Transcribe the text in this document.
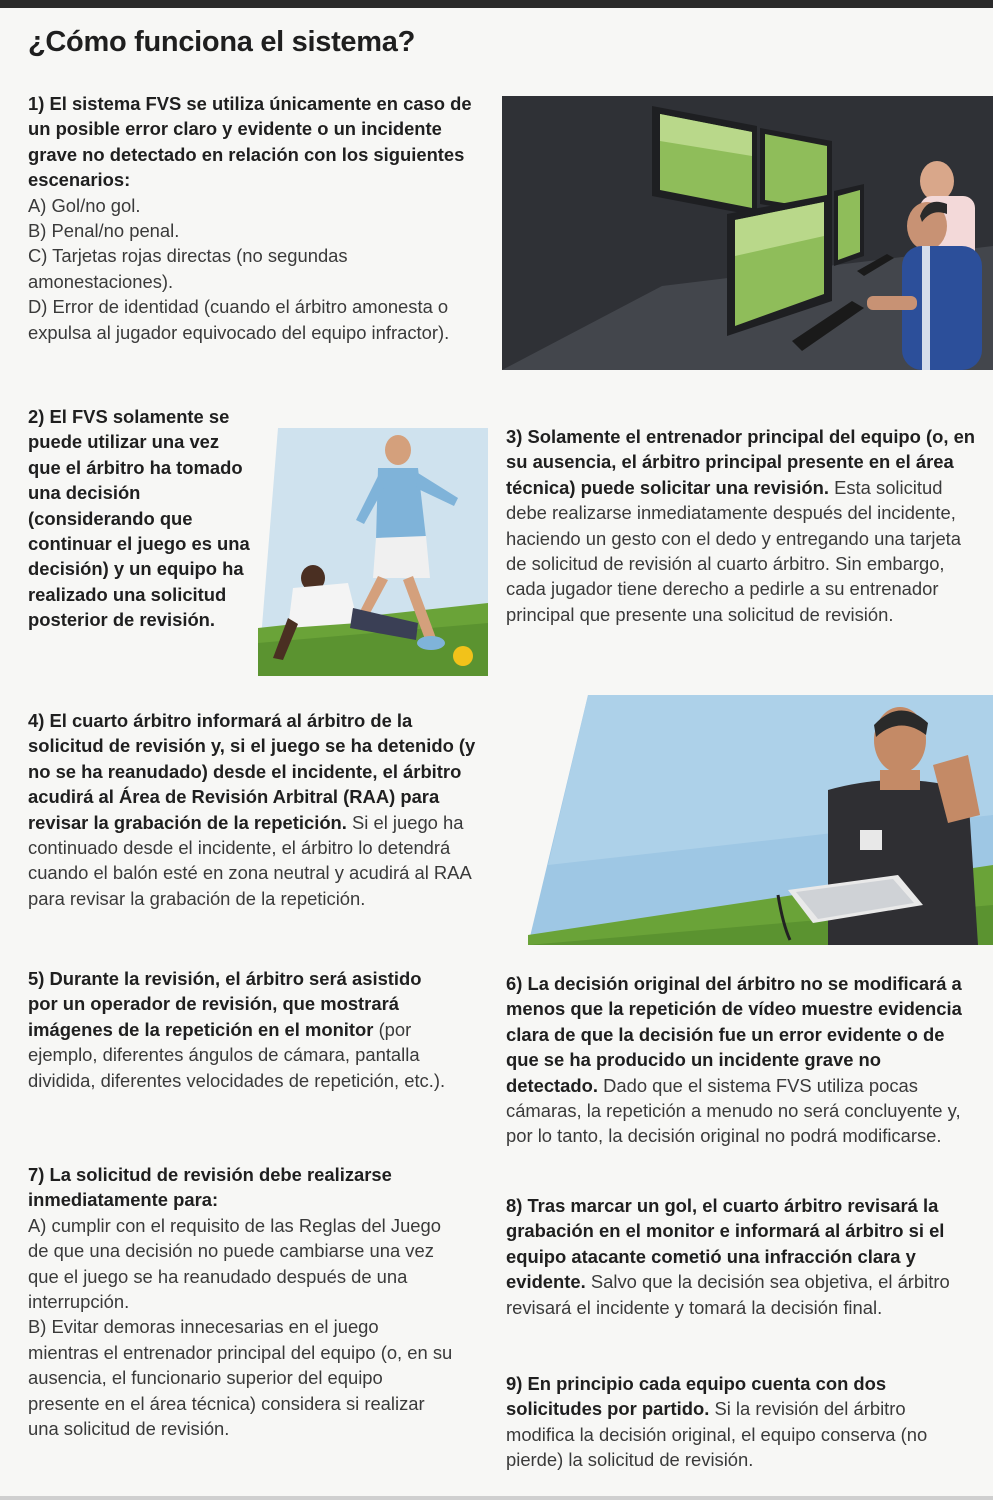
¿Cómo funciona el sistema?

1) El sistema FVS se utiliza únicamente en caso de un posible error claro y evidente o un incidente grave no detectado en relación con los siguientes escenarios:

A) Gol/no gol.

B) Penal/no penal.

C) Tarjetas rojas directas (no segundas amonestaciones).

D) Error de identidad (cuando el árbitro amonesta o expulsa al jugador equivocado del equipo infractor).

2) El FVS solamente se puede utilizar una vez que el árbitro ha tomado una decisión (considerando que continuar el juego es una decisión) y un equipo ha realizado una solicitud posterior de revisión.

3) Solamente el entrenador principal del equipo (o, en su ausencia, el árbitro principal presente en el área técnica) puede solicitar una revisión. Esta solicitud debe realizarse inmediatamente después del incidente, haciendo un gesto con el dedo y entregando una tarjeta de solicitud de revisión al cuarto árbitro. Sin embargo, cada jugador tiene derecho a pedirle a su entrenador principal que presente una solicitud de revisión.

4) El cuarto árbitro informará al árbitro de la solicitud de revisión y, si el juego se ha detenido (y no se ha reanudado) desde el incidente, el árbitro acudirá al Área de Revisión Arbitral (RAA) para revisar la grabación de la repetición. Si el juego ha continuado desde el incidente, el árbitro lo detendrá cuando el balón esté en zona neutral y acudirá al RAA para revisar la grabación de la repetición.

5) Durante la revisión, el árbitro será asistido por un operador de revisión, que mostrará imágenes de la repetición en el monitor (por ejemplo, diferentes ángulos de cámara, pantalla dividida, diferentes velocidades de repetición, etc.).

6) La decisión original del árbitro no se modificará a menos que la repetición de vídeo muestre evidencia clara de que la decisión fue un error evidente o de que se ha producido un incidente grave no detectado. Dado que el sistema FVS utiliza pocas cámaras, la repetición a menudo no será concluyente y, por lo tanto, la decisión original no podrá modificarse.

7) La solicitud de revisión debe realizarse inmediatamente para:

A) cumplir con el requisito de las Reglas del Juego de que una decisión no puede cambiarse una vez que el juego se ha reanudado después de una interrupción.

B) Evitar demoras innecesarias en el juego mientras el entrenador principal del equipo (o, en su ausencia, el funcionario superior del equipo presente en el área técnica) considera si realizar una solicitud de revisión.

8) Tras marcar un gol, el cuarto árbitro revisará la grabación en el monitor e informará al árbitro si el equipo atacante cometió una infracción clara y evidente. Salvo que la decisión sea objetiva, el árbitro revisará el incidente y tomará la decisión final.

9) En principio cada equipo cuenta con dos solicitudes por partido. Si la revisión del árbitro modifica la decisión original, el equipo conserva (no pierde) la solicitud de revisión.
